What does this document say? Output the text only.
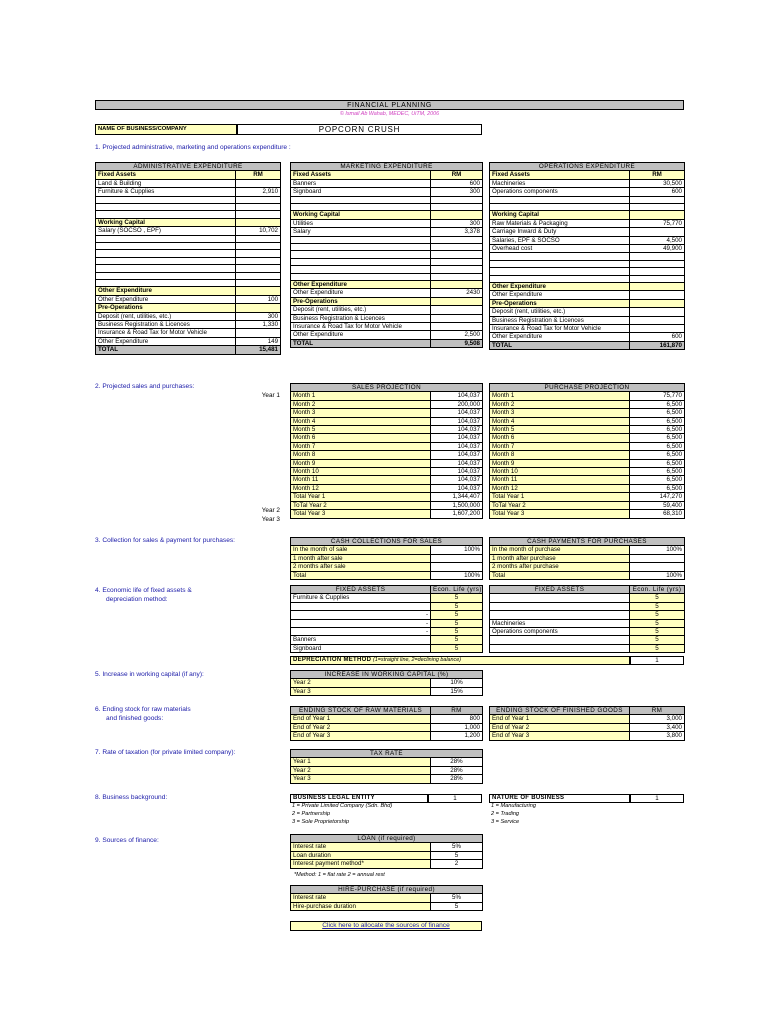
FINANCIAL PLANNING
© Ismail Ab Wahab, MEDEC, UiTM, 2006
NAME OF BUSINESS/COMPANY	POPCORN CRUSH
1. Projected administrative, marketing and operations expenditure :
ADMINISTRATIVE EXPENDITURE	
Fixed Assets	RM
Land & Building	
Furniture & Cupplies	2,910

Working Capital	
Salary (SOCSO , EPF)	10,702

Other Expenditure	
Other Expenditure	100
Pre-Operations	
Deposit (rent, utilities, etc.)	300
Business Registration & Licences	1,330
Insurance & Road Tax for Motor Vehicle	
Other Expenditure	149
TOTAL	15,481
MARKETING EXPENDITURE	
Fixed Assets	RM
Banners	600
Signboard	300

Working Capital	
Utilities	300
Salary	3,378

Other Expenditure	
Other Expenditure	2430
Pre-Operations	
Deposit (rent, utilities, etc.)	
Business Registration & Licences	
Insurance & Road Tax for Motor Vehicle	
Other Expenditure	2,500
TOTAL	9,508
OPERATIONS EXPENDITURE	
Fixed Assets	RM
Machineries	30,500
Operations components	600

Working Capital	
Raw Materials & Packaging	75,770
Carriage Inward & Duty	
Salaries, EPF & SOCSO	4,500
Overhead cost	49,900

Other Expenditure	
Other Expenditure	
Pre-Operations	
Deposit (rent, utilities, etc.)	
Business Registration & Licences	
Insurance & Road Tax for Motor Vehicle	
Other Expenditure	600
TOTAL	161,870
2. Projected sales and purchases:
Year 1
Year 2
Year 3
SALES PROJECTION	
Month 1	104,037
Month 2	200,000
Month 3	104,037
Month 4	104,037
Month 5	104,037
Month 6	104,037
Month 7	104,037
Month 8	104,037
Month 9	104,037
Month 10	104,037
Month 11	104,037
Month 12	104,037
Total Year 1	1,344,407
ToTal Year 2	1,500,000
Total Year 3	1,607,200
PURCHASE PROJECTION	
Month 1	75,770
Month 2	6,500
Month 3	6,500
Month 4	6,500
Month 5	6,500
Month 6	6,500
Month 7	6,500
Month 8	6,500
Month 9	6,500
Month 10	6,500
Month 11	6,500
Month 12	6,500
Total Year 1	147,270
ToTal Year 2	59,400
Total Year 3	68,310
3. Collection for sales & payment for purchases:	CASH COLLECTIONS FOR SALES	
In the month of sale	100%
1 month after sale	
2 months after sale	
Total	100%
CASH PAYMENTS FOR PURCHASES	
In the month of purchase	100%
1 month after purchase	
2 months after purchase	
Total	100%
4. Economic life of fixed assets &
depreciation method:
FIXED ASSETS	Econ. Life (yrs)
Furniture & Cupplies	5
	5
-	5
-	5
-	5
Banners	5
Signboard	5
FIXED ASSETS	Econ. Life (yrs)
	5
	5
	5
Machineries	5
Operations components	5
	5
	5
DEPRECIATION METHOD (1=straight line, 2=declining balance)	1
5. Increase in working capital (if any):	INCREASE IN WORKING CAPITAL (%)	
Year 2	10%
Year 3	15%
6. Ending stock for raw materials
and finished goods:
ENDING STOCK OF RAW MATERIALS	RM
End of Year 1	800
End of Year 2	1,000
End of Year 3	1,200
ENDING STOCK OF FINISHED GOODS	RM
End of Year 1	3,000
End of Year 2	3,400
End of Year 3	3,800
7. Rate of taxation (for private limited company):	TAX RATE	
Year 1	28%
Year 2	28%
Year 3	28%
8. Business background:	BUSINESS LEGAL ENTITY	1
1 = Private Limited Company (Sdn. Bhd)
2 = Partnership
3 = Sole Proprietorship
NATURE OF BUSINESS	1
1 = Manufacturing
2 = Trading
3 = Service
9. Sources of finance:	LOAN (if required)	
Interest rate	5%
Loan duration	5
Interest payment method*	2
*Method: 1 = flat rate 2 = annual rest
HIRE-PURCHASE (if required)	
Interest rate	5%
Hire-purchase duration	5
Click here to allocate the sources of finance
